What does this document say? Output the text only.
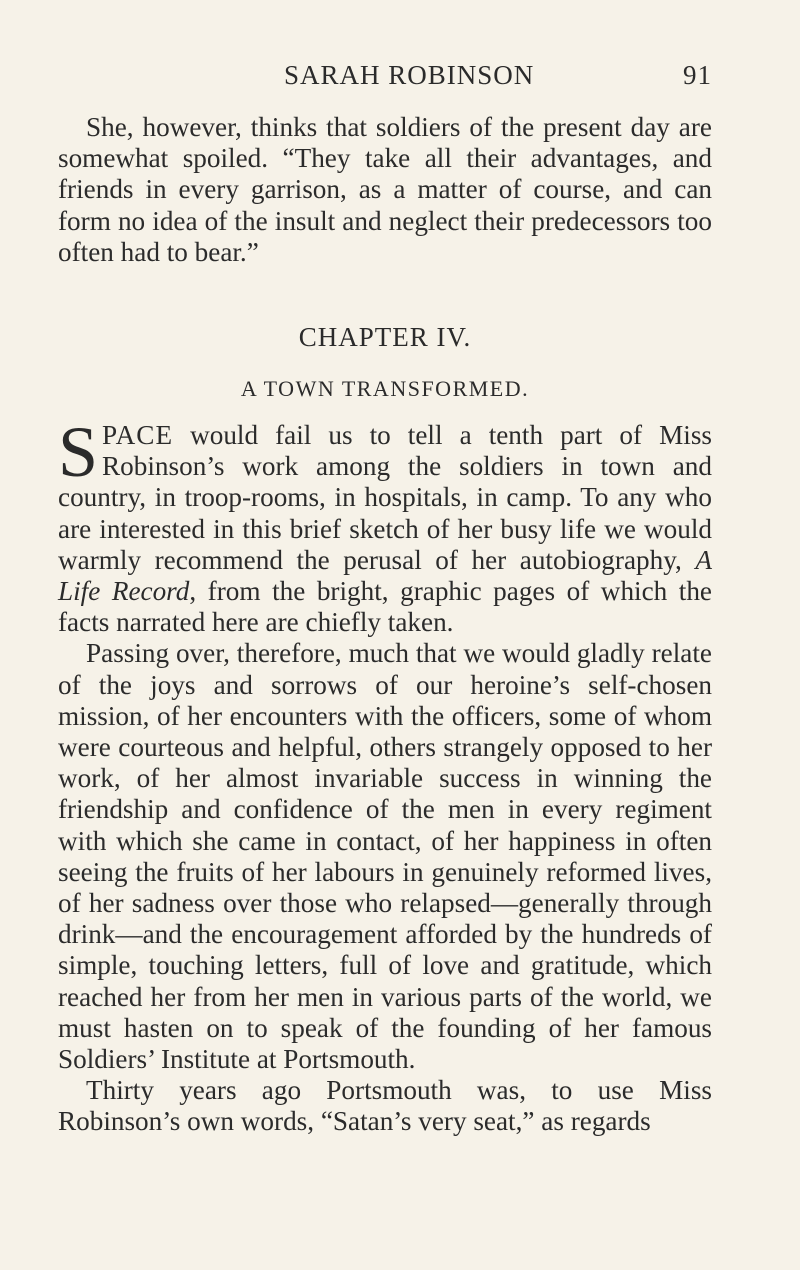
SARAH ROBINSON	91

She, however, thinks that soldiers of the present day are somewhat spoiled. “They take all their advantages, and friends in every garrison, as a matter of course, and can form no idea of the insult and neglect their predecessors too often had to bear.”

CHAPTER IV.
A TOWN TRANSFORMED.

SPACE would fail us to tell a tenth part of Miss Robinson’s work among the soldiers in town and country, in troop-rooms, in hospitals, in camp. To any who are interested in this brief sketch of her busy life we would warmly recommend the perusal of her autobiography, A Life Record, from the bright, graphic pages of which the facts narrated here are chiefly taken.

Passing over, therefore, much that we would gladly relate of the joys and sorrows of our heroine’s self-chosen mission, of her encounters with the officers, some of whom were courteous and helpful, others strangely opposed to her work, of her almost invariable success in winning the friendship and confidence of the men in every regiment with which she came in contact, of her happiness in often seeing the fruits of her labours in genuinely reformed lives, of her sadness over those who relapsed—generally through drink—and the encouragement afforded by the hundreds of simple, touching letters, full of love and gratitude, which reached her from her men in various parts of the world, we must hasten on to speak of the founding of her famous Soldiers’ Institute at Portsmouth.

Thirty years ago Portsmouth was, to use Miss Robinson’s own words, “Satan’s very seat,” as regards
